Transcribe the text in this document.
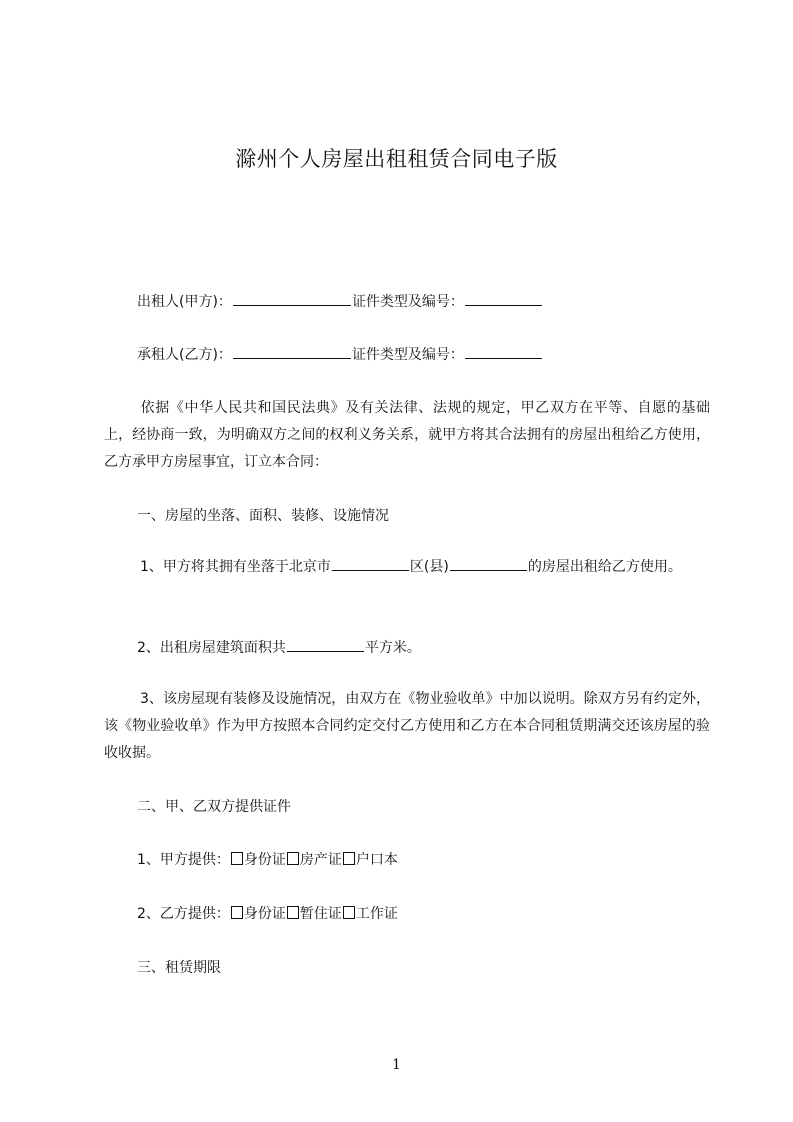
滁州个人房屋出租租赁合同电子版
出租人(甲方)：	证件类型及编号：
承租人(乙方)：	证件类型及编号：
依据《中华人民共和国民法典》及有关法律、法规的规定，甲乙双方在平等、自愿的基础上，经协商一致，为明确双方之间的权利义务关系，就甲方将其合法拥有的房屋出租给乙方使用，乙方承甲方房屋事宜，订立本合同：
一、房屋的坐落、面积、装修、设施情况
1、甲方将其拥有坐落于北京市	区(县)	的房屋出租给乙方使用。
2、出租房屋建筑面积共	平方米。
3、该房屋现有装修及设施情况，由双方在《物业验收单》中加以说明。除双方另有约定外，该《物业验收单》作为甲方按照本合同约定交付乙方使用和乙方在本合同租赁期满交还该房屋的验收收据。
二、甲、乙双方提供证件
1、甲方提供： 身份证 房产证 户口本
2、乙方提供： 身份证 暂住证 工作证
三、租赁期限
1
